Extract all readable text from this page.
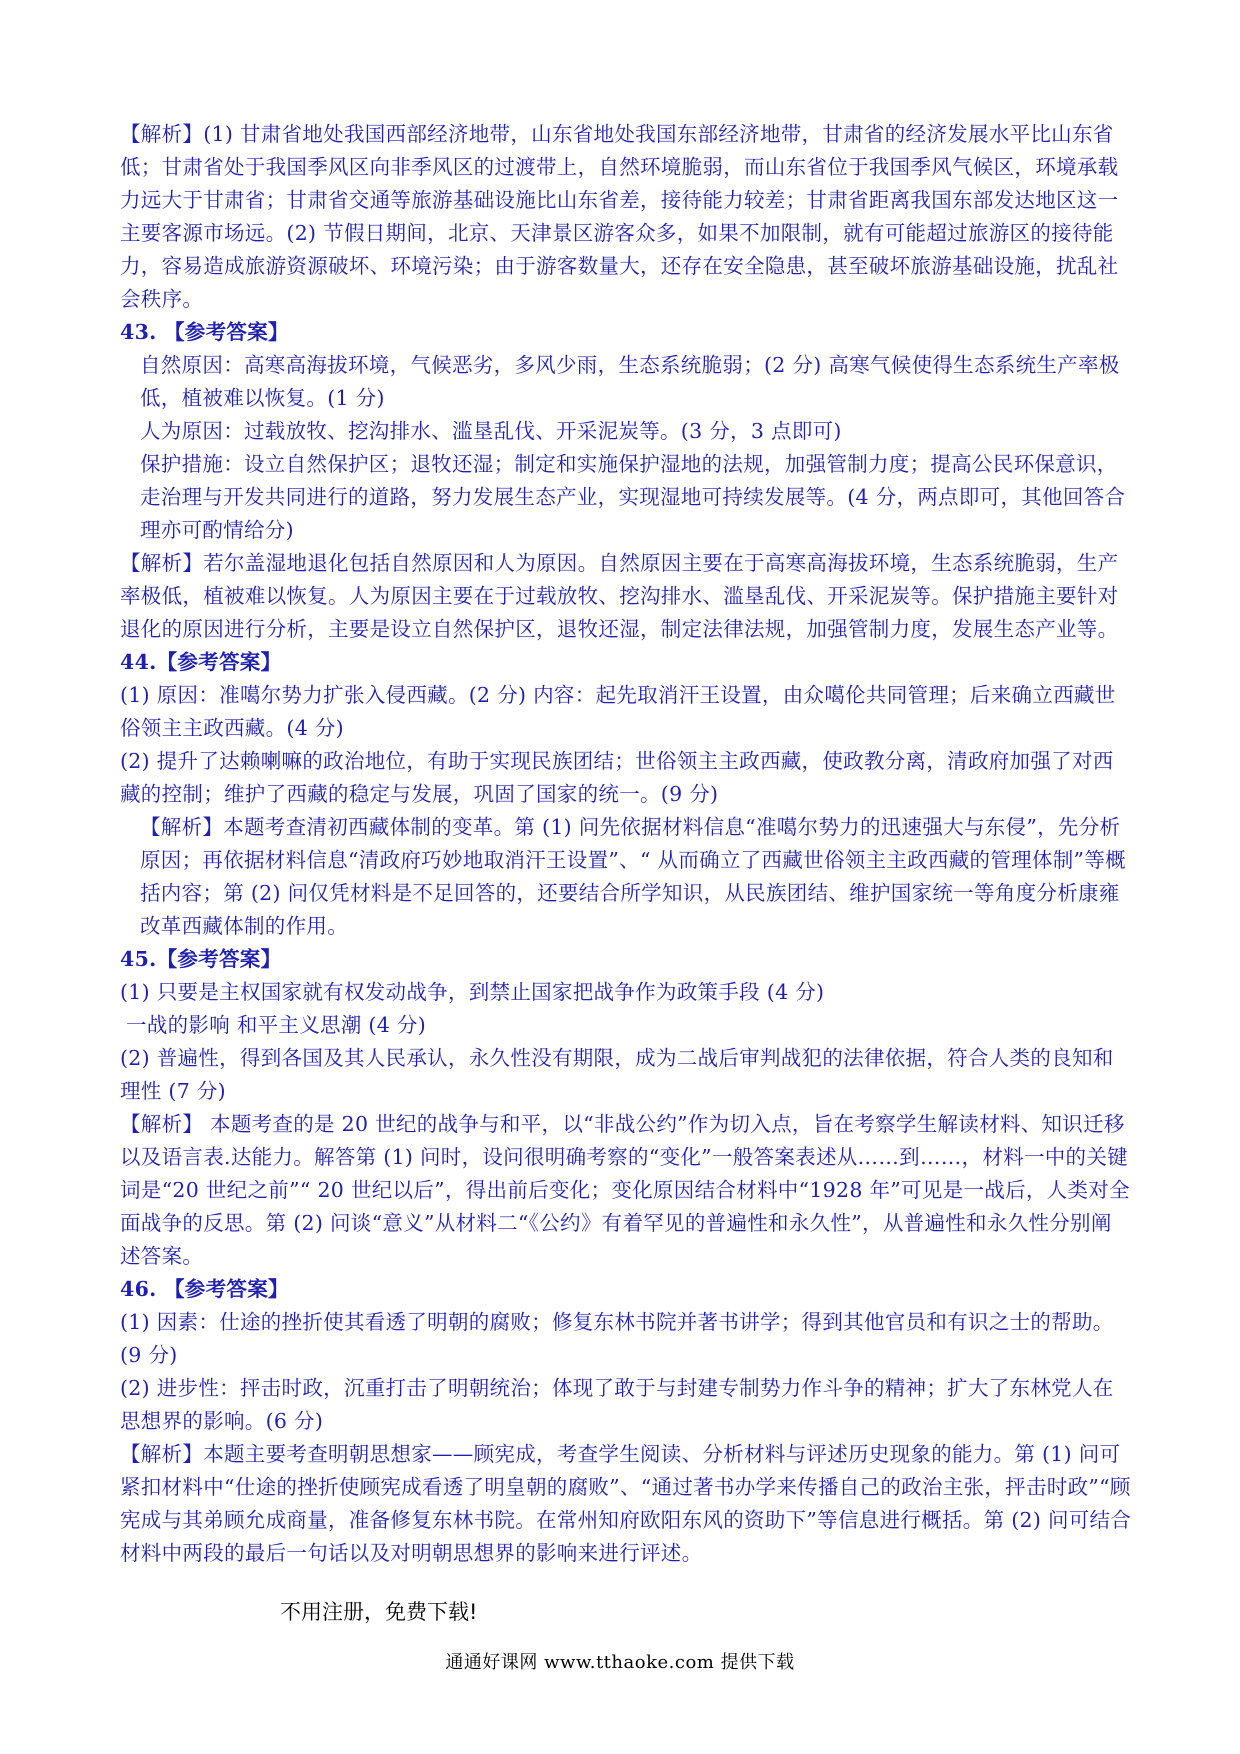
【解析】(1) 甘肃省地处我国西部经济地带，山东省地处我国东部经济地带，甘肃省的经济发展水平比山东省低；甘肃省处于我国季风区向非季风区的过渡带上，自然环境脆弱，而山东省位于我国季风气候区，环境承载力远大于甘肃省；甘肃省交通等旅游基础设施比山东省差，接待能力较差；甘肃省距离我国东部发达地区这一主要客源市场远。(2) 节假日期间，北京、天津景区游客众多，如果不加限制，就有可能超过旅游区的接待能力，容易造成旅游资源破坏、环境污染；由于游客数量大，还存在安全隐患，甚至破坏旅游基础设施，扰乱社会秩序。

43. 【参考答案】

自然原因：高寒高海拔环境，气候恶劣，多风少雨，生态系统脆弱；(2 分) 高寒气候使得生态系统生产率极低，植被难以恢复。(1 分)

人为原因：过载放牧、挖沟排水、滥垦乱伐、开采泥炭等。(3 分，3 点即可)

保护措施：设立自然保护区；退牧还湿；制定和实施保护湿地的法规，加强管制力度；提高公民环保意识，走治理与开发共同进行的道路，努力发展生态产业，实现湿地可持续发展等。(4 分，两点即可，其他回答合理亦可酌情给分)

【解析】若尔盖湿地退化包括自然原因和人为原因。自然原因主要在于高寒高海拔环境，生态系统脆弱，生产率极低，植被难以恢复。人为原因主要在于过载放牧、挖沟排水、滥垦乱伐、开采泥炭等。保护措施主要针对退化的原因进行分析，主要是设立自然保护区，退牧还湿，制定法律法规，加强管制力度，发展生态产业等。

44.【参考答案】

(1) 原因：准噶尔势力扩张入侵西藏。(2 分) 内容：起先取消汗王设置，由众噶伦共同管理；后来确立西藏世俗领主主政西藏。(4 分)

(2) 提升了达赖喇嘛的政治地位，有助于实现民族团结；世俗领主主政西藏，使政教分离，清政府加强了对西藏的控制；维护了西藏的稳定与发展，巩固了国家的统一。(9 分)

【解析】本题考查清初西藏体制的变革。第 (1) 问先依据材料信息“准噶尔势力的迅速强大与东侵”，先分析原因；再依据材料信息“清政府巧妙地取消汗王设置”、“ 从而确立了西藏世俗领主主政西藏的管理体制”等概括内容；第 (2) 问仅凭材料是不足回答的，还要结合所学知识，从民族团结、维护国家统一等角度分析康雍改革西藏体制的作用。

45.【参考答案】

(1) 只要是主权国家就有权发动战争，到禁止国家把战争作为政策手段 (4 分)

一战的影响 和平主义思潮 (4 分)

(2) 普遍性，得到各国及其人民承认，永久性没有期限，成为二战后审判战犯的法律依据，符合人类的良知和理性 (7 分)

【解析】 本题考查的是 20 世纪的战争与和平，以“非战公约”作为切入点，旨在考察学生解读材料、知识迁移以及语言表.达能力。解答第 (1) 问时，设问很明确考察的“变化”一般答案表述从……到……，材料一中的关键词是“20 世纪之前”“ 20 世纪以后”，得出前后变化；变化原因结合材料中“1928 年”可见是一战后，人类对全面战争的反思。第 (2) 问谈“意义”从材料二“《公约》有着罕见的普遍性和永久性”，从普遍性和永久性分别阐述答案。

46. 【参考答案】

(1) 因素：仕途的挫折使其看透了明朝的腐败；修复东林书院并著书讲学；得到其他官员和有识之士的帮助。(9 分)

(2) 进步性：抨击时政，沉重打击了明朝统治；体现了敢于与封建专制势力作斗争的精神；扩大了东林党人在思想界的影响。(6 分)

【解析】本题主要考查明朝思想家——顾宪成，考查学生阅读、分析材料与评述历史现象的能力。第 (1) 问可紧扣材料中“仕途的挫折使顾宪成看透了明皇朝的腐败”、“通过著书办学来传播自己的政治主张，抨击时政”“顾宪成与其弟顾允成商量，准备修复东林书院。在常州知府欧阳东风的资助下”等信息进行概括。第 (2) 问可结合材料中两段的最后一句话以及对明朝思想界的影响来进行评述。

不用注册，免费下载!
通通好课网 www.tthaoke.com 提供下载
